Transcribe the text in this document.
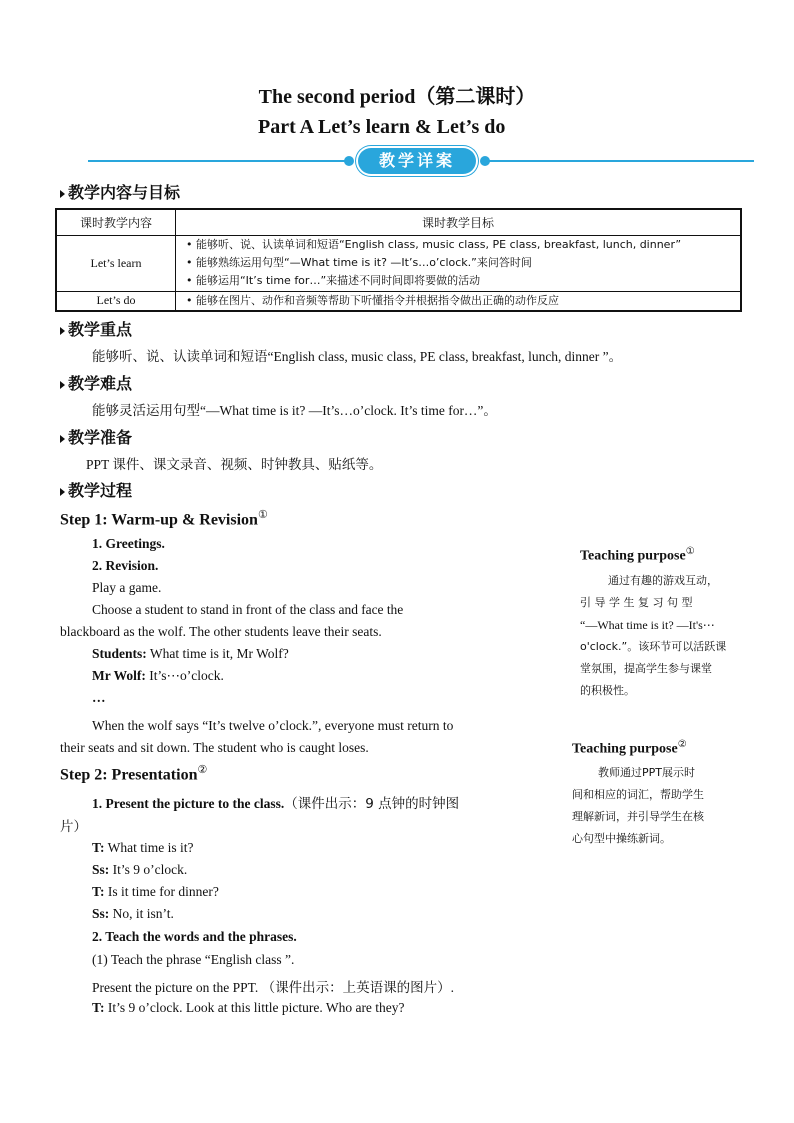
The second period（第二课时）
Part A Let’s learn & Let’s do
教学详案
教学内容与目标
课时教学内容	课时教学目标
Let’s learn	• 能够听、说、认读单词和短语“English class, music class, PE class, breakfast, lunch, dinner”
• 能够熟练运用句型“—What time is it? —It’s…o’clock.”来问答时间
• 能够运用“It’s time for…”来描述不同时间即将要做的活动

Let’s do	• 能够在图片、动作和音频等帮助下听懂指令并根据指令做出正确的动作反应
教学重点
能够听、说、认读单词和短语“English class, music class, PE class, breakfast, lunch, dinner ”。
教学难点
能够灵活运用句型“—What time is it? —It’s…o’clock. It’s time for…”。
教学准备
PPT 课件、课文录音、视频、时钟教具、贴纸等。
教学过程
Step 1: Warm-up & Revision①
1. Greetings.
2. Revision.
Play a game.
Choose a student to stand in front of the class and face the
blackboard as the wolf. The other students leave their seats.
Students: What time is it, Mr Wolf?
Mr Wolf: It’s⋯o’clock.
…
When the wolf says “It’s twelve o’clock.”, everyone must return to
their seats and sit down. The student who is caught loses.
Step 2: Presentation②
1. Present the picture to the class.（课件出示：9 点钟的时钟图
片）
T: What time is it?
Ss: It’s 9 o’clock.
T: Is it time for dinner?
Ss: No, it isn’t.
2. Teach the words and the phrases.
(1) Teach the phrase “English class ”.
Present the picture on the PPT. （课件出示：上英语课的图片）.
T: It’s 9 o’clock. Look at this little picture. Who are they?
Teaching purpose①
通过有趣的游戏互动，
引 导 学 生 复 习 句 型
“—What time is it? —It's⋯
o'clock.”。该环节可以活跃课
堂氛围，提高学生参与课堂
的积极性。
Teaching purpose②
教师通过PPT展示时
间和相应的词汇，帮助学生
理解新词，并引导学生在核
心句型中操练新词。
